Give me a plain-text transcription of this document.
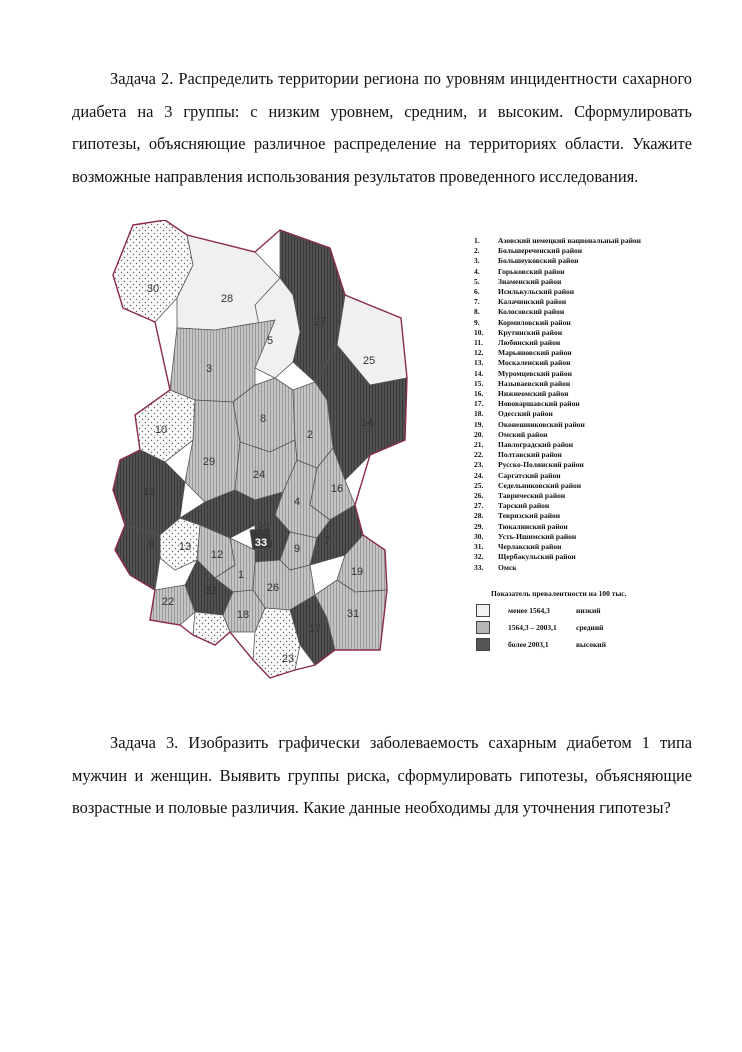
Задача 2. Распределить территории региона по уровням инцидентности сахарного диабета на 3 группы: с низким уровнем, средним, и высоким. Сформулировать гипотезы, объясняющие различное распределение на территориях области. Укажите возможные направления использования результатов проведенного исследования.

30
28
27
5
25
3
14
10
8
2
29
24
16
4
15
13
6
20
33
12	9
7
19
1
26
32
22
18
17
31
23
1.	Азовский немецкий национальный район
2.	Большереченский район
3.	Большеуковский район
4.	Горьковский район
5.	Знаменский район
6.	Исилькульский район
7.	Калачинский район
8.	Колосовский район
9.	Кормиловский район
10.	Крутинский район
11.	Любинский район
12.	Марьяновский район
13.	Москаленский район
14.	Муромцевский район
15.	Называевский район
16.	Нижнеомский район
17.	Нововаршавский район
18.	Одесский район
19.	Оконешниковский район
20.	Омский район
21.	Павлоградский район
22.	Полтавский район
23.	Русско-Полянский район
24.	Саргатский район
25.	Седельниковский район
26.	Таврический район
27.	Тарский район
28.	Тевризский район
29.	Тюкалинский район
30.	Усть-Ишимский район
31.	Черлакский район
32.	Щербакульский район
33.	Омск
Показатель превалентности на 100 тыс.
менее 1564,3	низкий
1564,3 – 2003,1	средний
более 2003,1	высокий

Задача 3. Изобразить графически заболеваемость сахарным диабетом 1 типа мужчин и женщин. Выявить группы риска, сформулировать гипотезы, объясняющие возрастные и половые различия. Какие данные необходимы для уточнения гипотезы?
